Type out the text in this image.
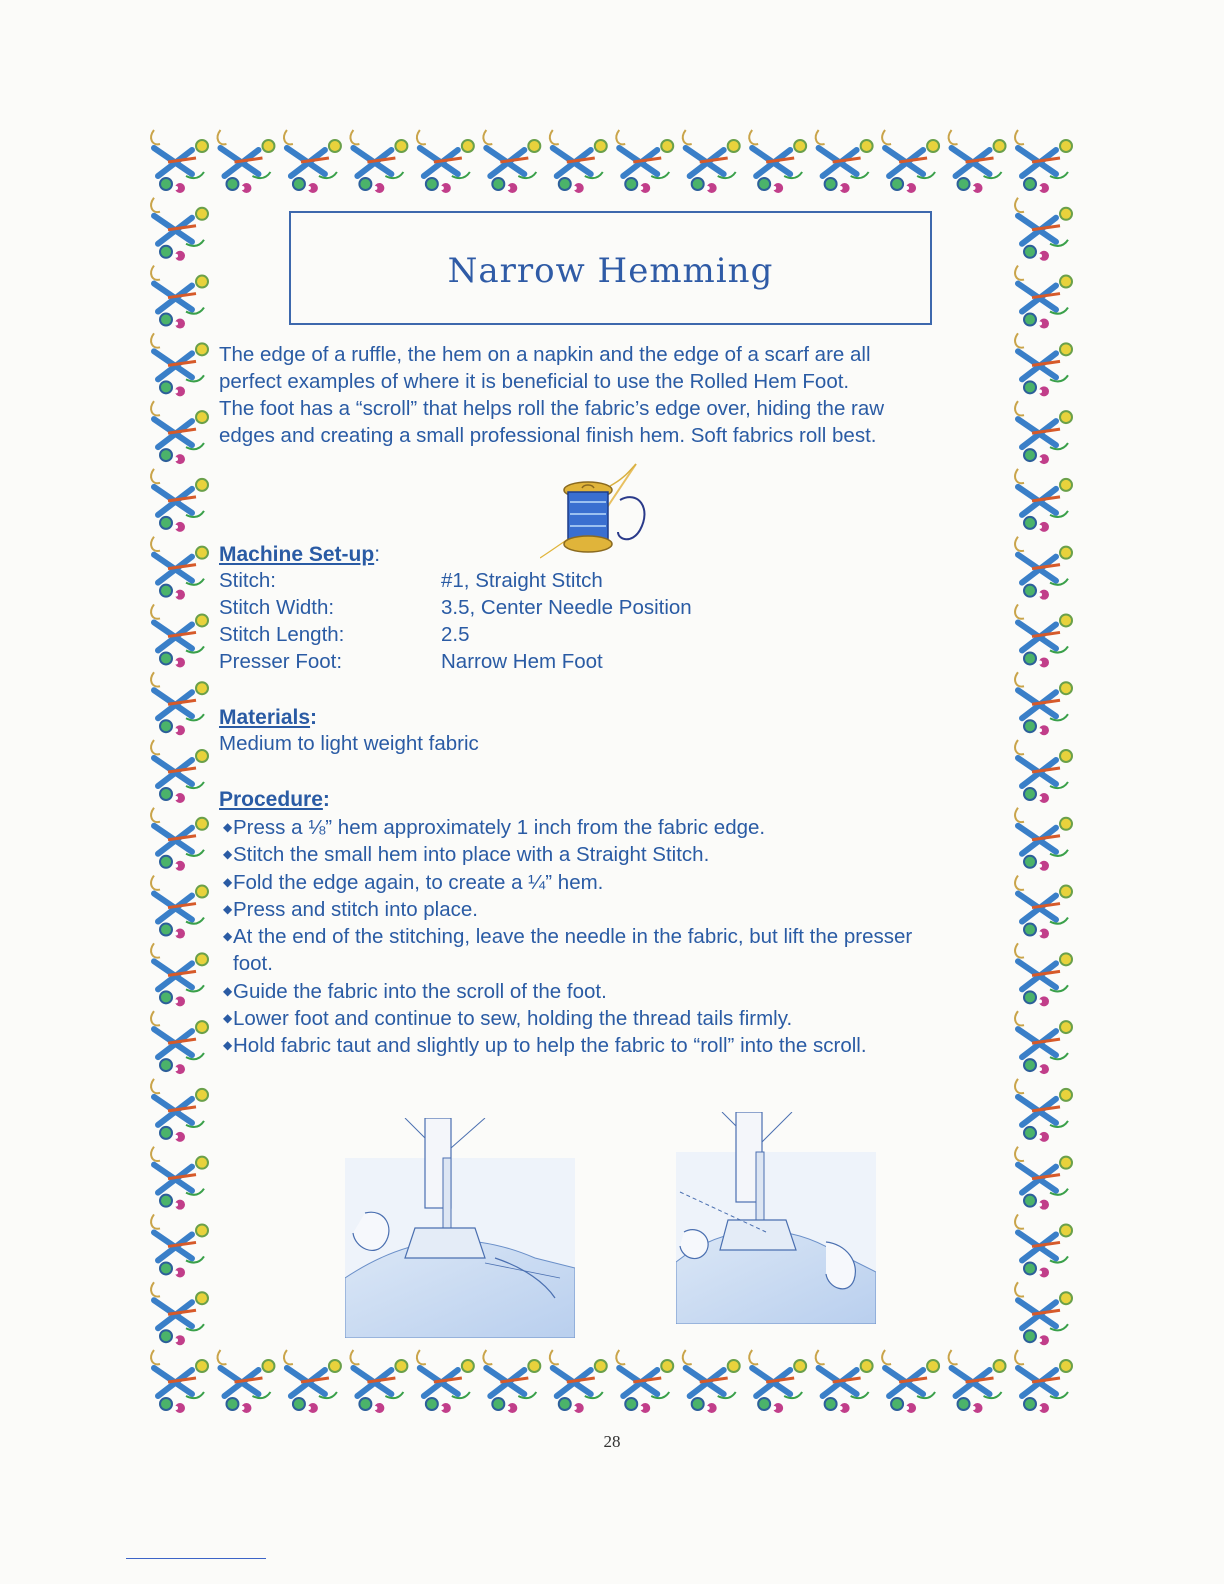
Narrow Hemming
The edge of a ruffle, the hem on a napkin and the edge of a scarf are all
perfect examples of where it is beneficial to use the Rolled Hem Foot.
The foot has a “scroll” that helps roll the fabric’s edge over, hiding the raw
edges and creating a small professional finish hem. Soft fabrics roll best.
Machine Set-up:
Stitch:	#1, Straight Stitch
Stitch Width:	3.5, Center Needle Position
Stitch Length:	2.5
Presser Foot:	Narrow Hem Foot
Materials:
Medium to light weight fabric
Procedure:
◆ Press a ⅛” hem approximately 1 inch from the fabric edge.
◆ Stitch the small hem into place with a Straight Stitch.
◆ Fold the edge again, to create a ¼” hem.
◆ Press and stitch into place.
◆ At the end of the stitching, leave the needle in the fabric, but lift the presser foot.
◆ Guide the fabric into the scroll of the foot.
◆ Lower foot and continue to sew, holding the thread tails firmly.
◆ Hold fabric taut and slightly up to help the fabric to “roll” into the scroll.
28
